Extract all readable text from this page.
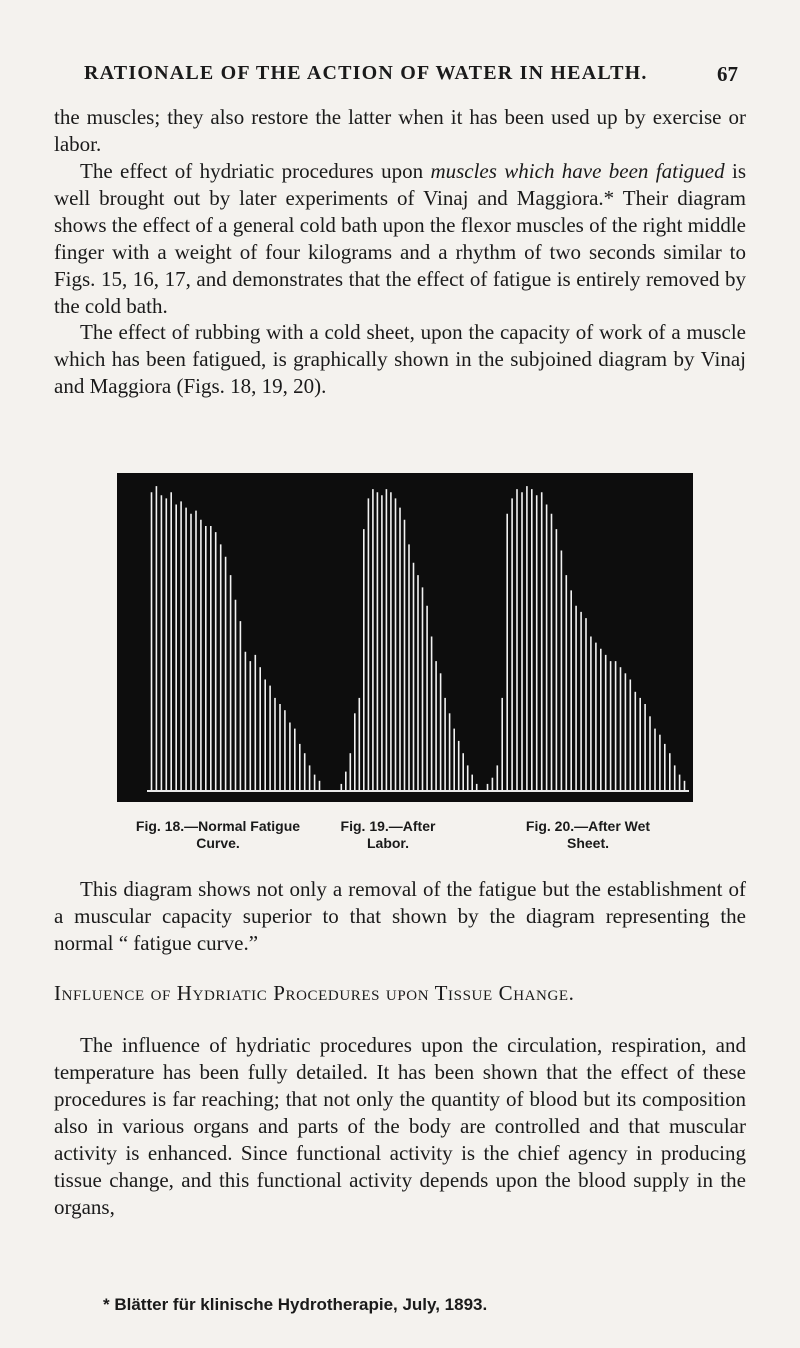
RATIONALE OF THE ACTION OF WATER IN HEALTH.	67

the muscles; they also restore the latter when it has been used up by exercise or labor.

The effect of hydriatic procedures upon muscles which have been fatigued is well brought out by later experiments of Vinaj and Maggiora.* Their diagram shows the effect of a general cold bath upon the flexor muscles of the right middle finger with a weight of four kilograms and a rhythm of two seconds similar to Figs. 15, 16, 17, and demonstrates that the effect of fatigue is entirely removed by the cold bath.

The effect of rubbing with a cold sheet, upon the capacity of work of a muscle which has been fatigued, is graphically shown in the subjoined diagram by Vinaj and Maggiora (Figs. 18, 19, 20).

Fig. 18.—Normal Fatigue
Curve.
Fig. 19.—After
Labor.
Fig. 20.—After Wet
Sheet.

This diagram shows not only a removal of the fatigue but the establishment of a muscular capacity superior to that shown by the diagram representing the normal “ fatigue curve.”

Influence of Hydriatic Procedures upon Tissue Change.

The influence of hydriatic procedures upon the circulation, respiration, and temperature has been fully detailed. It has been shown that the effect of these procedures is far reaching; that not only the quantity of blood but its composition also in various organs and parts of the body are controlled and that muscular activity is enhanced. Since functional activity is the chief agency in producing tissue change, and this functional activity depends upon the blood supply in the organs,

* Blätter für klinische Hydrotherapie, July, 1893.
